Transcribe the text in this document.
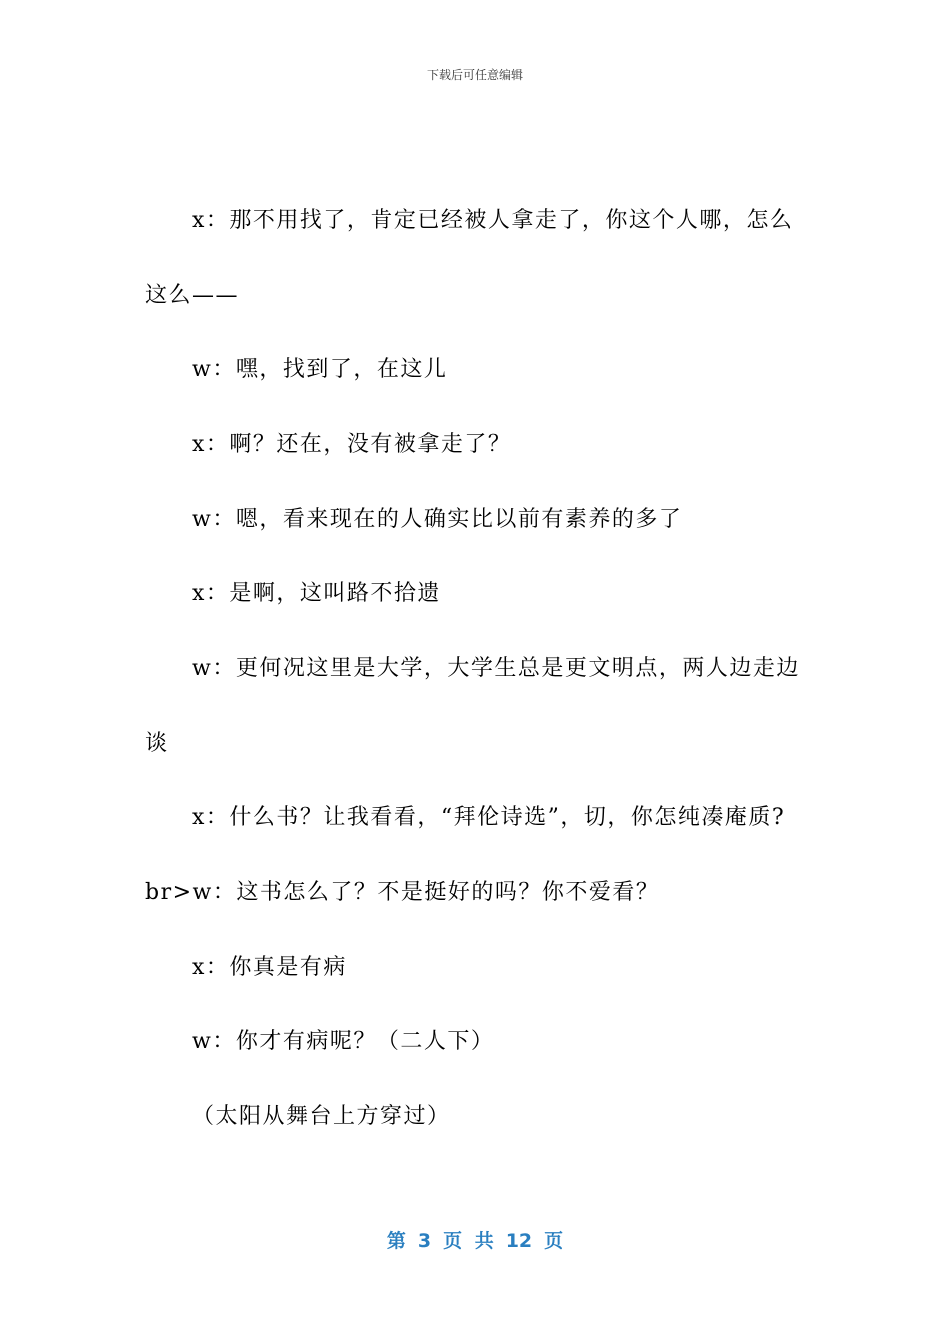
下载后可任意编辑
x：那不用找了，肯定已经被人拿走了，你这个人哪，怎么
这么——
w：嘿，找到了，在这儿
x：啊？还在，没有被拿走了？
w：嗯，看来现在的人确实比以前有素养的多了
x：是啊，这叫路不拾遗
w：更何况这里是大学，大学生总是更文明点，两人边走边
谈
x：什么书？让我看看，“拜伦诗选”，切，你怎纯凑庵质?
br>w：这书怎么了？不是挺好的吗？你不爱看？
x：你真是有病
w：你才有病呢？（二人下）
（太阳从舞台上方穿过）
第 3 页 共 12 页
